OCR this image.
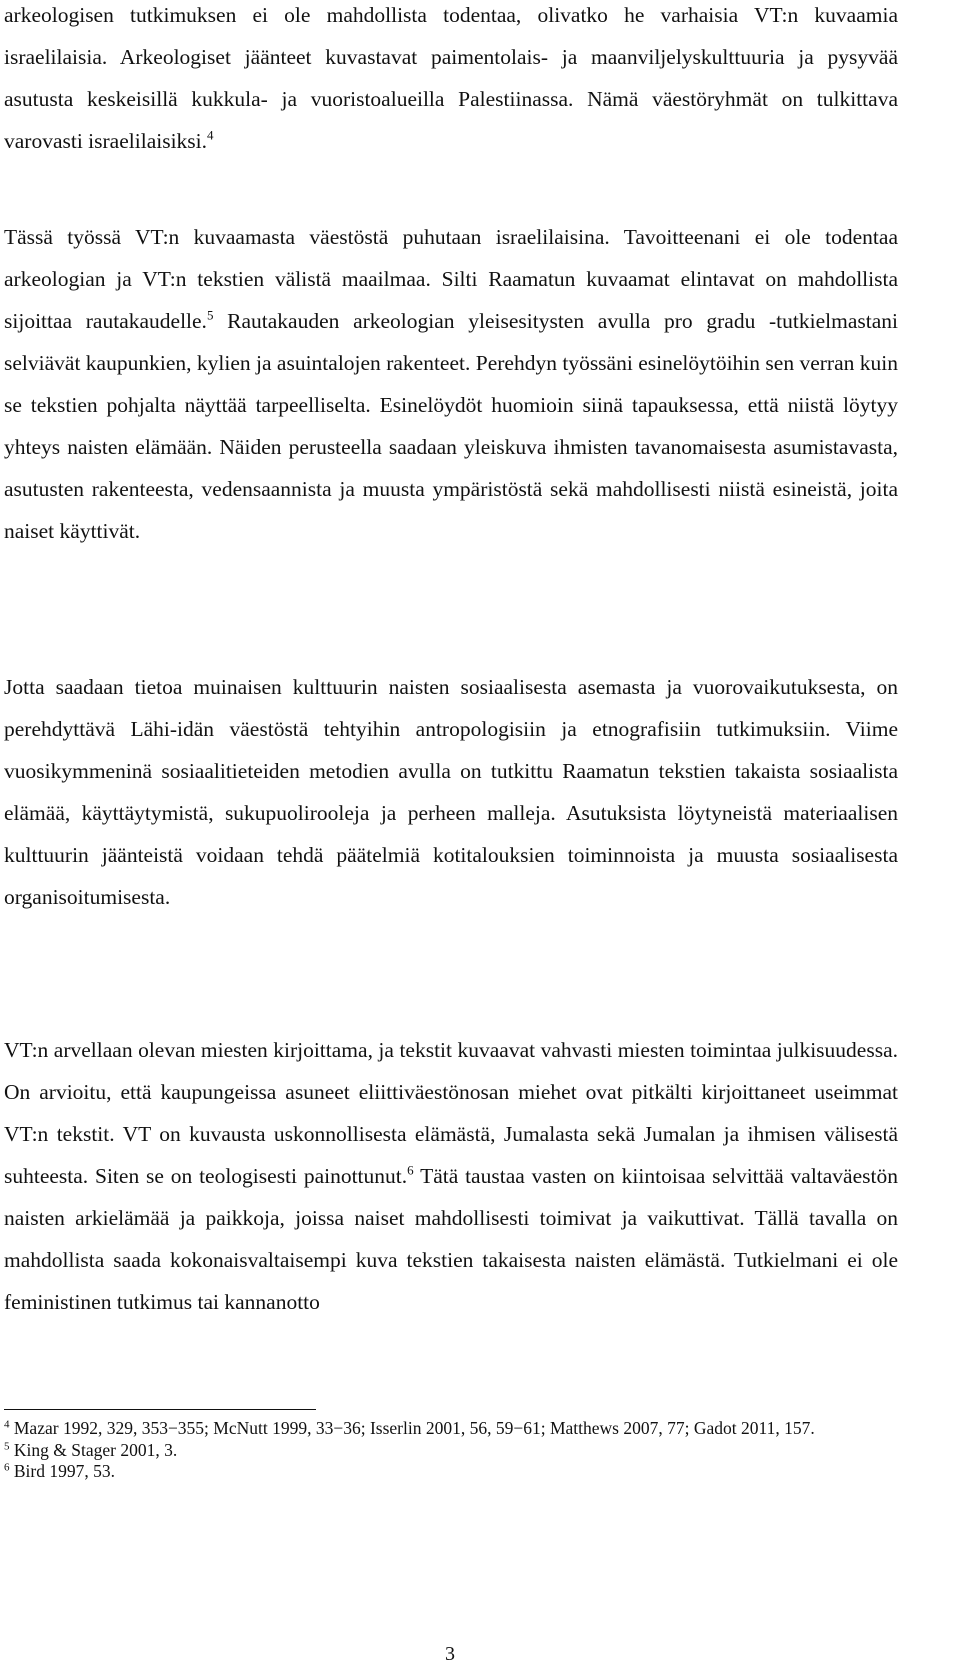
arkeologisen tutkimuksen ei ole mahdollista todentaa, olivatko he varhaisia VT:n kuvaamia israelilaisia. Arkeologiset jäänteet kuvastavat paimentolais- ja maanviljelyskulttuuria ja pysyvää asutusta keskeisillä kukkula- ja vuoristoalueilla Palestiinassa. Nämä väestöryhmät on tulkittava varovasti israelilaisiksi.$^4$

Tässä työssä VT:n kuvaamasta väestöstä puhutaan israelilaisina. Tavoitteenani ei ole todentaa arkeologian ja VT:n tekstien välistä maailmaa. Silti Raamatun kuvaamat elintavat on mahdollista sijoittaa rautakaudelle.$^5$ Rautakauden arkeologian yleisesitysten avulla pro gradu -tutkielmastani selviävät kaupunkien, kylien ja asuintalojen rakenteet. Perehdyn työssäni esinelöytöihin sen verran kuin se tekstien pohjalta näyttää tarpeelliselta. Esinelöydöt huomioin siinä tapauksessa, että niistä löytyy yhteys naisten elämään. Näiden perusteella saadaan yleiskuva ihmisten tavanomaisesta asumistavasta, asutusten rakenteesta, vedensaannista ja muusta ympäristöstä sekä mahdollisesti niistä esineistä, joita naiset käyttivät.

Jotta saadaan tietoa muinaisen kulttuurin naisten sosiaalisesta asemasta ja vuorovaikutuksesta, on perehdyttävä Lähi-idän väestöstä tehtyihin antropologisiin ja etnografisiin tutkimuksiin. Viime vuosikymmeninä sosiaalitieteiden metodien avulla on tutkittu Raamatun tekstien takaista sosiaalista elämää, käyttäytymistä, sukupuolirooleja ja perheen malleja. Asutuksista löytyneistä materiaalisen kulttuurin jäänteistä voidaan tehdä päätelmiä kotitalouksien toiminnoista ja muusta sosiaalisesta organisoitumisesta.

VT:n arvellaan olevan miesten kirjoittama, ja tekstit kuvaavat vahvasti miesten toimintaa julkisuudessa. On arvioitu, että kaupungeissa asuneet eliittiväestönosan miehet ovat pitkälti kirjoittaneet useimmat VT:n tekstit. VT on kuvausta uskonnollisesta elämästä, Jumalasta sekä Jumalan ja ihmisen välisestä suhteesta. Siten se on teologisesti painottunut.$^6$ Tätä taustaa vasten on kiintoisaa selvittää valtaväestön naisten arkielämää ja paikkoja, joissa naiset mahdollisesti toimivat ja vaikuttivat. Tällä tavalla on mahdollista saada kokonaisvaltaisempi kuva tekstien takaisesta naisten elämästä. Tutkielmani ei ole feministinen tutkimus tai kannanotto

$^4$ Mazar 1992, 329, 353−355; McNutt 1999, 33−36; Isserlin 2001, 56, 59−61; Matthews 2007, 77; Gadot 2011, 157.

$^5$ King & Stager 2001, 3.

$^6$ Bird 1997, 53.

3
